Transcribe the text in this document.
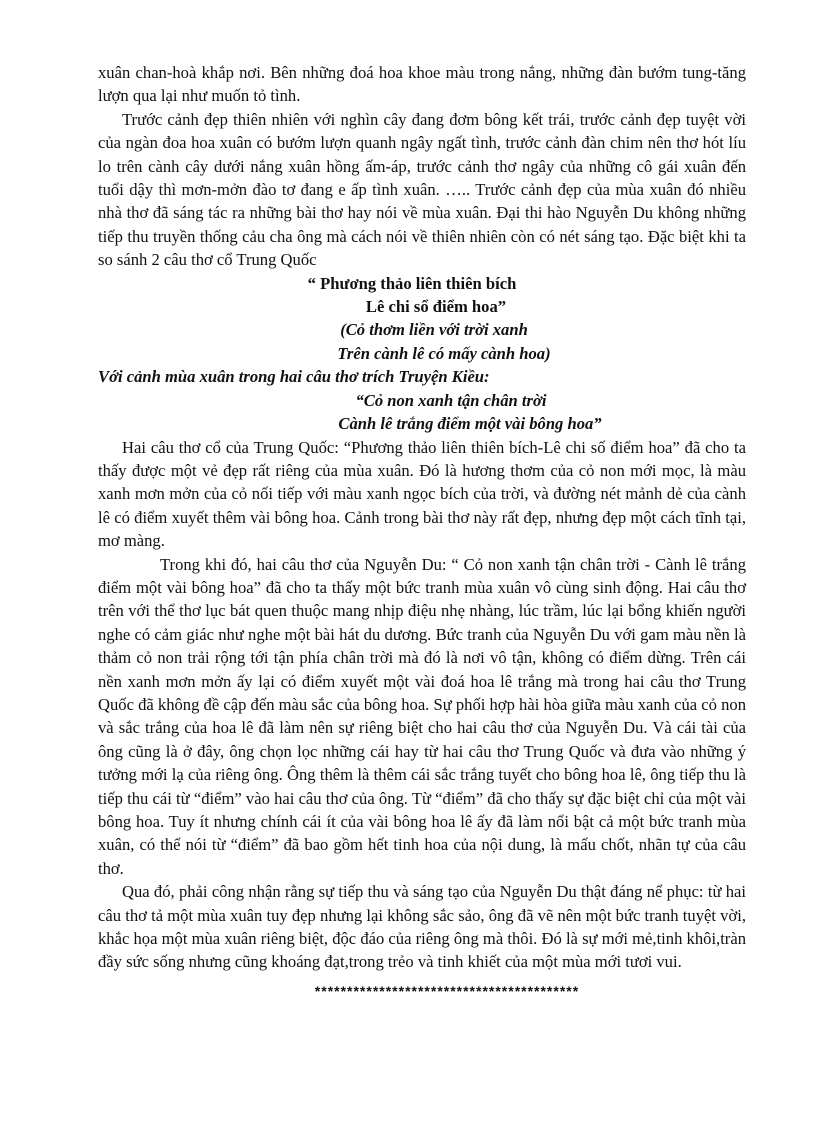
xuân chan-hoà khắp nơi. Bên những đoá hoa khoe màu trong nắng, những đàn bướm tung-tăng lượn qua lại như muốn tỏ tình.

Trước cảnh đẹp thiên nhiên với nghìn cây đang đơm bông kết trái, trước cảnh đẹp tuyệt vời của ngàn đoa hoa xuân có bướm lượn quanh ngây ngất tình, trước cảnh đàn chim nên thơ hót líu lo trên cành cây dưới nắng xuân hồng ấm-áp, trước cảnh thơ ngây của những cô gái xuân đến tuổi dậy thì mơn-mởn đào tơ đang e ấp tình xuân. ….. Trước cảnh đẹp của mùa xuân đó nhiều nhà thơ đã sáng tác ra những bài thơ hay nói về mùa xuân. Đại thi hào Nguyễn Du không những tiếp thu truyền thống cảu cha ông mà cách nói về thiên nhiên còn có nét sáng tạo. Đặc biệt khi ta so sánh 2 câu thơ cổ Trung Quốc

“ Phương thảo liên thiên bích
Lê chi sổ điểm hoa”
(Cỏ thơm liền với trời xanh
Trên cành lê có mấy cành hoa)

Với cảnh mùa xuân trong hai câu thơ trích Truyện Kiều:

“Cỏ non xanh tận chân trời
Cành lê trắng điểm một vài bông hoa”

Hai câu thơ cổ của Trung Quốc: “Phương thảo liên thiên bích-Lê chi số điểm hoa” đã cho ta thấy được một vẻ đẹp rất riêng của mùa xuân. Đó là hương thơm của cỏ non mới mọc, là màu xanh mơn mởn của cỏ nối tiếp với màu xanh ngọc bích của trời, và đường nét mảnh dẻ của cành lê có điểm xuyết thêm vài bông hoa. Cảnh trong bài thơ này rất đẹp, nhưng đẹp một cách tĩnh tại, mơ màng.

Trong khi đó, hai câu thơ của Nguyễn Du: “ Cỏ non xanh tận chân trời - Cành lê trắng điểm một vài bông hoa” đã cho ta thấy một bức tranh mùa xuân vô cùng sinh động. Hai câu thơ trên với thể thơ lục bát quen thuộc mang nhịp điệu nhẹ nhàng, lúc trầm, lúc lại bổng khiến người nghe có cảm giác như nghe một bài hát du dương. Bức tranh của Nguyễn Du với gam màu nền là thảm cỏ non trải rộng tới tận phía chân trời mà đó là nơi vô tận, không có điểm dừng. Trên cái nền xanh mơn mởn ấy lại có điểm xuyết một vài đoá hoa lê trắng mà trong hai câu thơ Trung Quốc đã không đề cập đến màu sắc của bông hoa. Sự phối hợp hài hòa giữa màu xanh của cỏ non và sắc trắng của hoa lê đã làm nên sự riêng biệt cho hai câu thơ của Nguyễn Du. Và cái tài của ông cũng là ở đây, ông chọn lọc những cái hay từ hai câu thơ Trung Quốc và đưa vào những ý tưởng mới lạ của riêng ông. Ông thêm là thêm cái sắc trắng tuyết cho bông hoa lê, ông tiếp thu là tiếp thu cái từ “điểm” vào hai câu thơ của ông. Từ “điểm” đã cho thấy sự đặc biệt chỉ của một vài bông hoa. Tuy ít nhưng chính cái ít của vài bông hoa lê ấy đã làm nổi bật cả một bức tranh mùa xuân, có thể nói từ “điểm” đã bao gồm hết tinh hoa của nội dung, là mấu chốt, nhãn tự của câu thơ.

Qua đó, phải công nhận rằng sự tiếp thu và sáng tạo của Nguyễn Du thật đáng nể phục: từ hai câu thơ tả một mùa xuân tuy đẹp nhưng lại không sắc sảo, ông đã vẽ nên một bức tranh tuyệt vời, khắc họa một mùa xuân riêng biệt, độc đáo của riêng ông mà thôi. Đó là sự mới mẻ,tinh khôi,tràn đầy sức sống nhưng cũng khoáng đạt,trong trẻo và tinh khiết của một mùa mới tươi vui.

*****************************************
